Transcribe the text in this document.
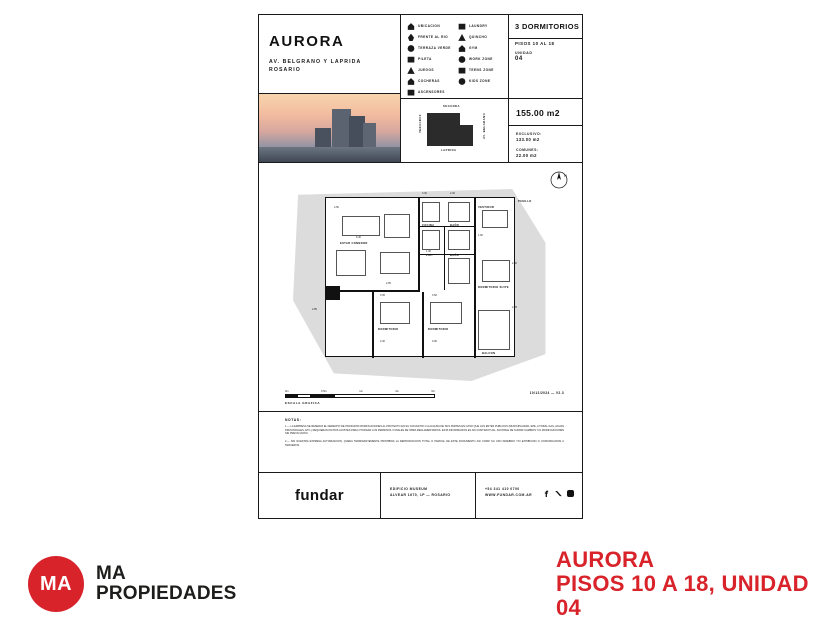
AURORA
AV. BELGRANO Y LAPRIDA
ROSARIO
UBICACION	LAUNDRY
FRENTE AL RIO	QUINCHO
TERRAZA VERDE	GYM
PILETA	WORK ZONE
JUEGOS	TEENS ZONE
COCHERAS	KIDS ZONE
ASCENSORES
3 DORMITORIOS
PISOS 10 AL 18
UNIDAD
04
SEGUNDA
LAPRIDA
VERACRUZ	AV. BELGRANO	155.00 m2
EXCLUSIVO:
133.00 m2
COMUNES:
22.00 m2
N
ESTAR COMEDOR
COCINA	BAÑO
VESTIDOR
DORMITORIO SUITE
BAÑO
LAV.
DORMITORIO	DORMITORIO
BALCON
PASILLO
6.40
3.30	2.30
1.30
2.85
3.35	3.50
2.35
2.80
1.60
2.30	0.90
4.50
2.95
0m	0,5m	1m	2m	6m
ESCALA GRAFICA
10/12/2024 — V2.3
NOTAS:

1.— LA EMPRESA SE RESERVA EL DERECHO DE PRODUCIR MODIFICACIONES AL PROYECTO EN SU CONJUNTO O A ALGUNA DE SUS PARTES EN CASO QUE LOS ENTES PUBLICOS (MUNICIPALIDAD, EPE, LITORAL GAS, AGUAS PROVINCIALES, ETC.) REQUIERAN DICHOS AJUSTES PARA OTORGAR LOS PERMISOS / FINALES DE OBRA REGLAMENTARIOS. ESTA INFORMACION ES NO CONTRACTUAL, FACTIBLE DE SUFRIR CAMBIOS Y/O MODIFICACIONES SIN PREVIO AVISO.

2.— SIN NUESTRA EXPRESA AUTORIZACION, QUEDA TERMINANTEMENTE PROHIBIDA LA REPRODUCCION TOTAL O PARCIAL DE ESTE DOCUMENTO ASI COMO SU USO INDEBIDO Y/O EXHIBICION O COMUNICACION A TERCEROS.

fundar	EDIFICIO MUSEUM
ALVEAR 1670, 1P — ROSARIO
+54 341 410 0700
WWW.FUNDAR.COM.AR
MA	MA
PROPIEDADES
AURORA
PISOS 10 A 18, UNIDAD 04
